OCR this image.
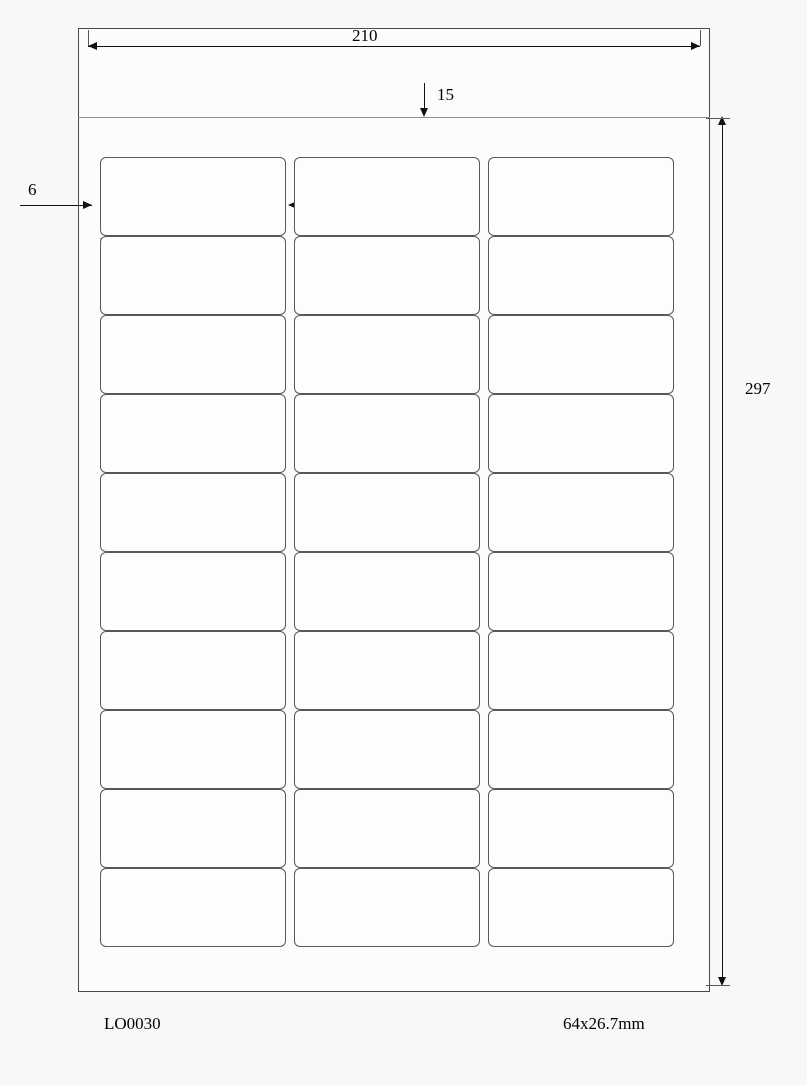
210
15
6
297
LO0030	64x26.7mm
